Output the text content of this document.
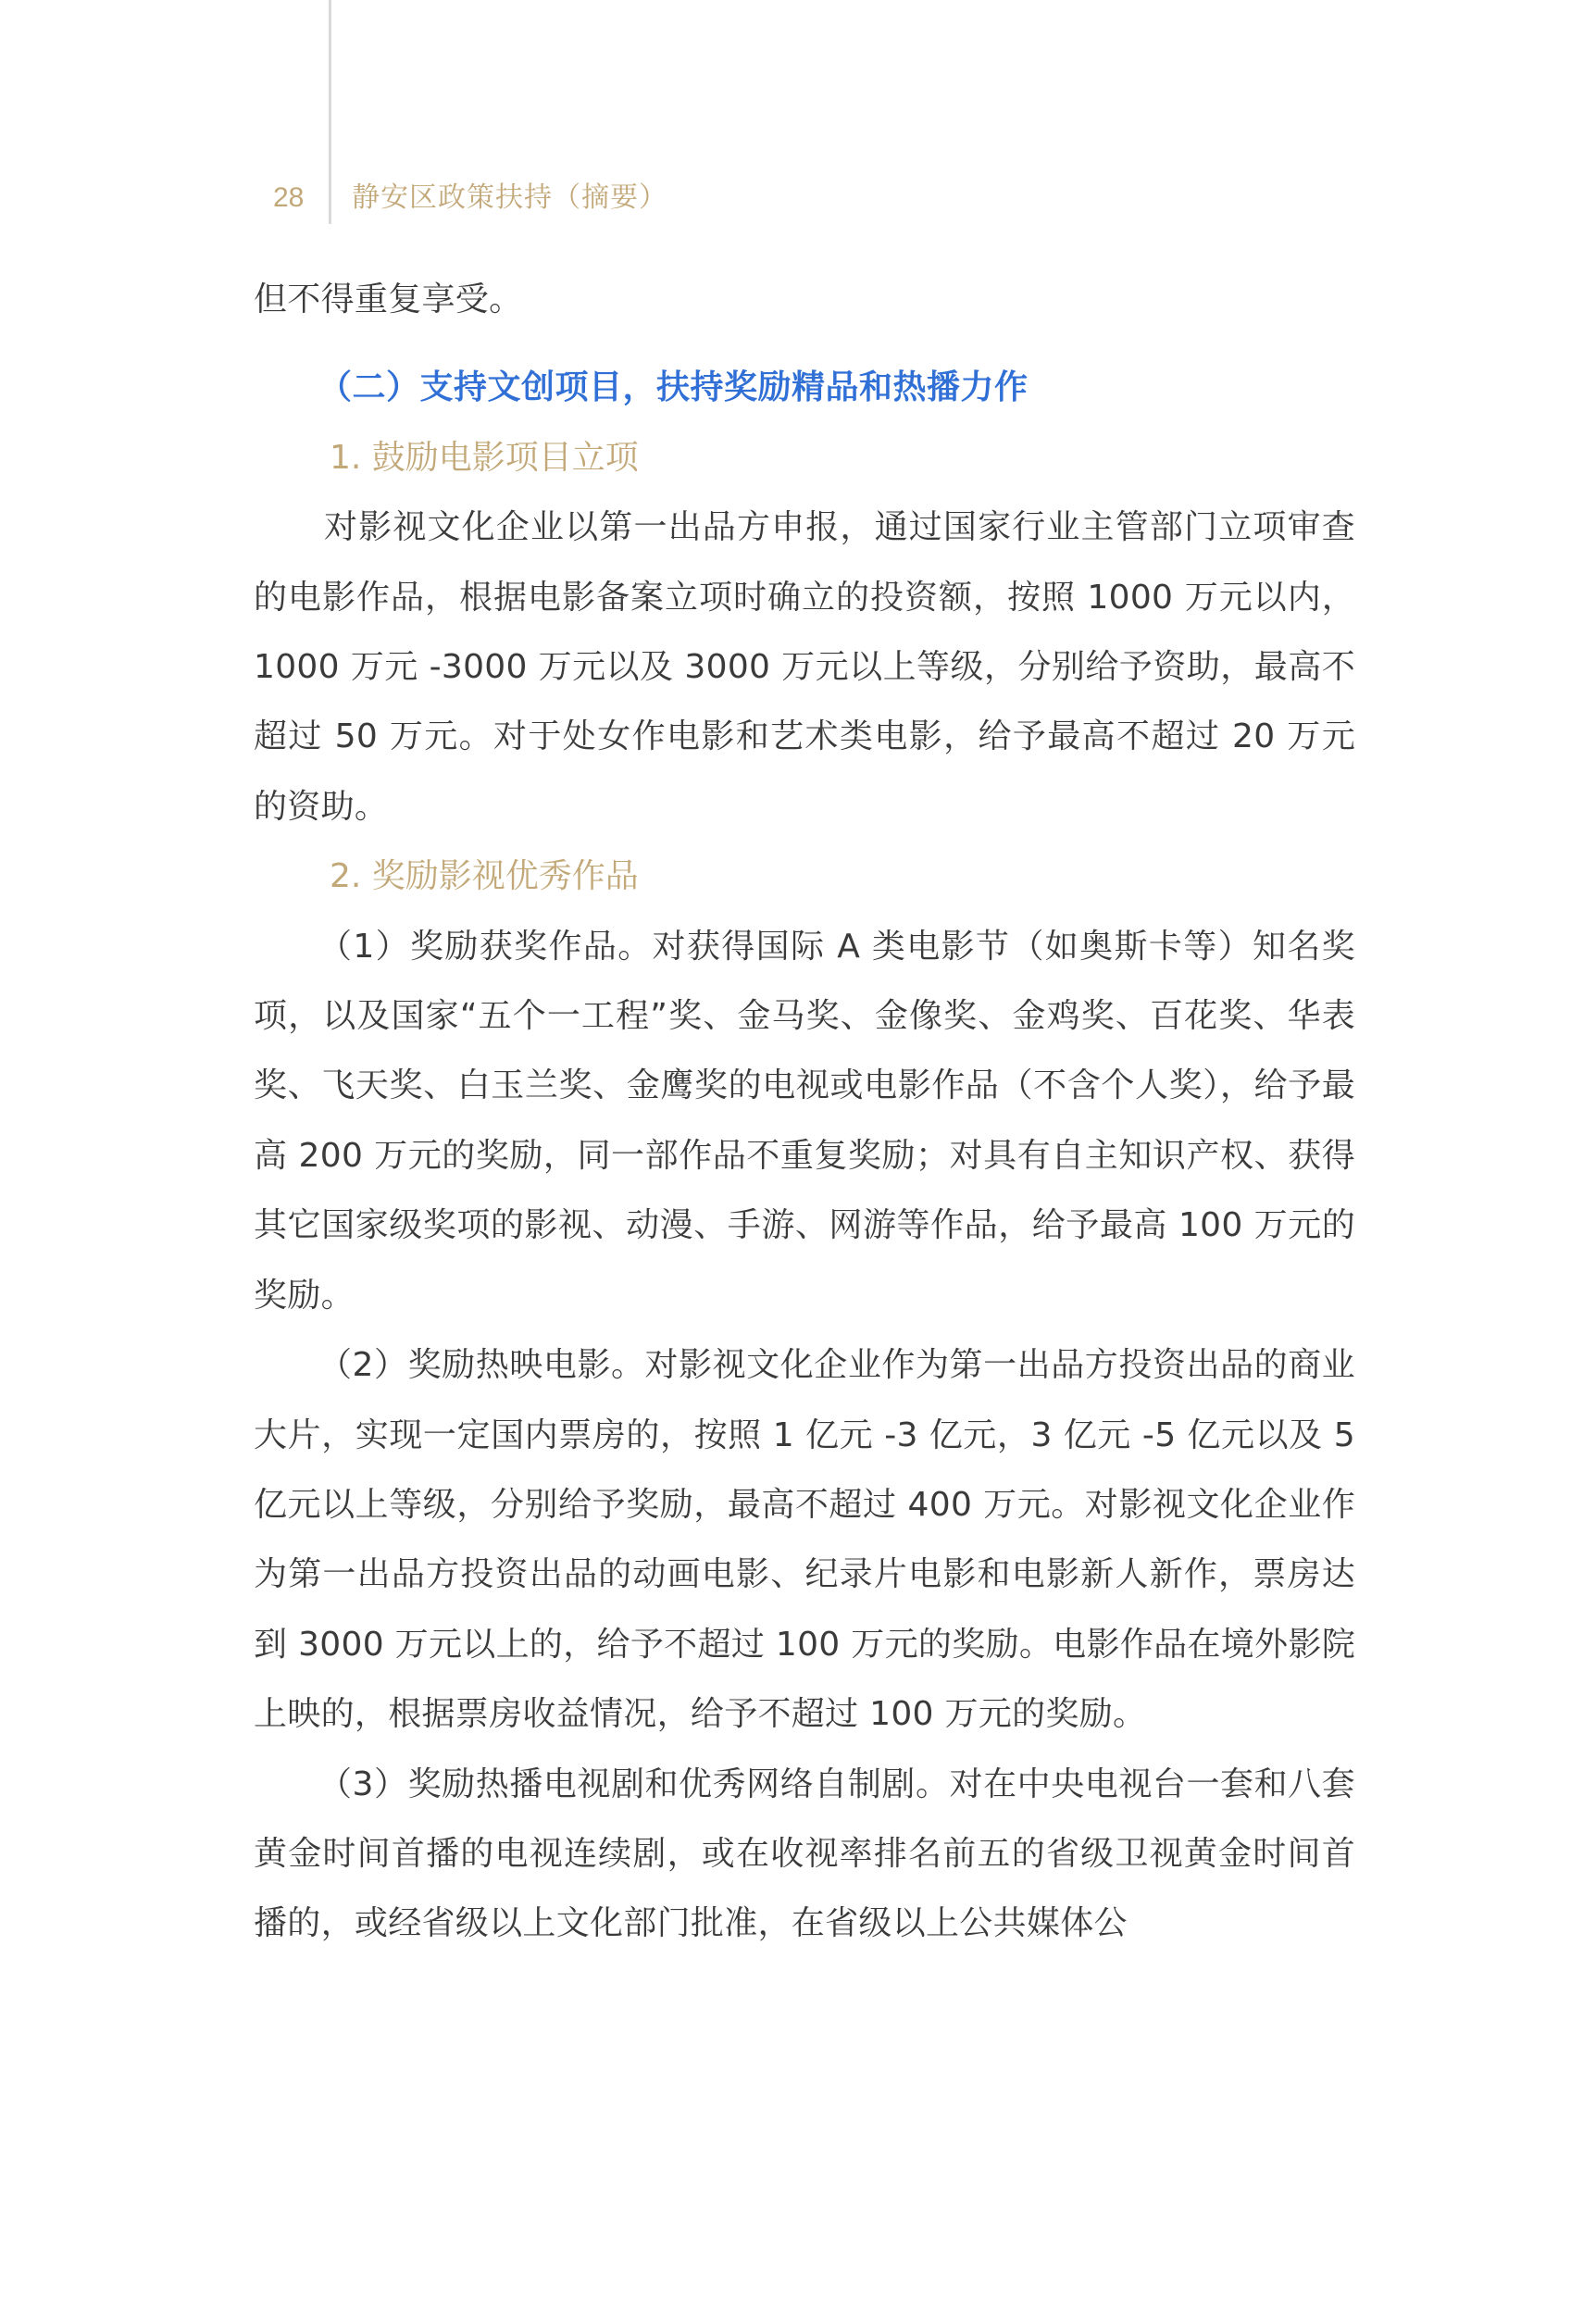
28 静安区政策扶持（摘要）

但不得重复享受。

（二）支持文创项目，扶持奖励精品和热播力作
1. 鼓励电影项目立项

对影视文化企业以第一出品方申报，通过国家行业主管部门立项审查的电影作品，根据电影备案立项时确立的投资额，按照 1000 万元以内，1000 万元 -3000 万元以及 3000 万元以上等级，分别给予资助，最高不超过 50 万元。对于处女作电影和艺术类电影，给予最高不超过 20 万元的资助。

2. 奖励影视优秀作品

（1）奖励获奖作品。对获得国际 A 类电影节（如奥斯卡等）知名奖项，以及国家“五个一工程”奖、金马奖、金像奖、金鸡奖、百花奖、华表奖、飞天奖、白玉兰奖、金鹰奖的电视或电影作品（不含个人奖），给予最高 200 万元的奖励，同一部作品不重复奖励；对具有自主知识产权、获得其它国家级奖项的影视、动漫、手游、网游等作品，给予最高 100 万元的奖励。

（2）奖励热映电影。对影视文化企业作为第一出品方投资出品的商业大片，实现一定国内票房的，按照 1 亿元 -3 亿元，3 亿元 -5 亿元以及 5 亿元以上等级，分别给予奖励，最高不超过 400 万元。对影视文化企业作为第一出品方投资出品的动画电影、纪录片电影和电影新人新作，票房达到 3000 万元以上的，给予不超过 100 万元的奖励。电影作品在境外影院上映的，根据票房收益情况，给予不超过 100 万元的奖励。

（3）奖励热播电视剧和优秀网络自制剧。对在中央电视台一套和八套黄金时间首播的电视连续剧，或在收视率排名前五的省级卫视黄金时间首播的，或经省级以上文化部门批准，在省级以上公共媒体公
